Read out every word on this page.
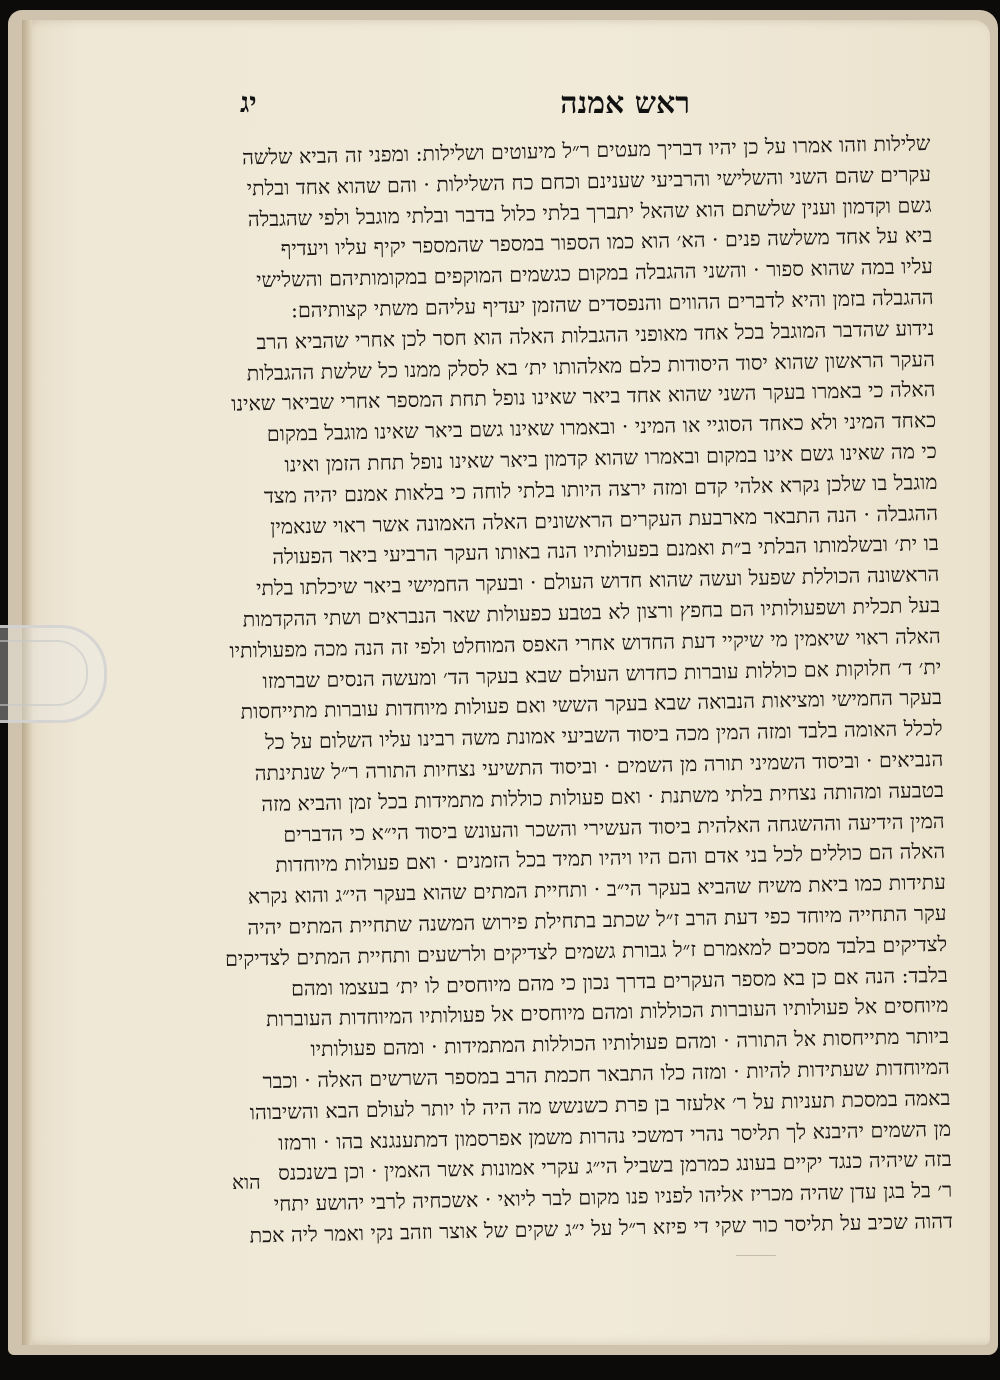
ראש אמנה
יג
שלילות וזהו אמרו על כן יהיו דבריך מעטים ר״ל מיעוטים ושלילות: ומפני זה הביא שלשה
עקרים שהם השני והשלישי והרביעי שענינם וכחם כח השלילות · והם שהוא אחד ובלתי
גשם וקדמון וענין שלשתם הוא שהאל יתברך בלתי כלול בדבר ובלתי מוגבל ולפי שהגבלה
ביא על אחד משלשה פנים · הא׳ הוא כמו הספור במספר שהמספר יקיף עליו ויעדיף
עליו במה שהוא ספור · והשני ההגבלה במקום כגשמים המוקפים במקומותיהם והשלישי
ההגבלה בזמן והיא לדברים ההווים והנפסדים שהזמן יעדיף עליהם משתי קצותיהם:
נידוע שהדבר המוגבל בכל אחד מאופני ההגבלות האלה הוא חסר לכן אחרי שהביא הרב
העקר הראשון שהוא יסוד היסודות כלם מאלהותו ית׳ בא לסלק ממנו כל שלשת ההגבלות
האלה כי באמרו בעקר השני שהוא אחד ביאר שאינו נופל תחת המספר אחרי שביאר שאינו
כאחד המיני ולא כאחד הסוגיי או המיני · ובאמרו שאינו גשם ביאר שאינו מוגבל במקום
כי מה שאינו גשם אינו במקום ובאמרו שהוא קדמון ביאר שאינו נופל תחת הזמן ואינו
מוגבל בו שלכן נקרא אלהי קדם ומזה ירצה היותו בלתי לוחה כי בלאות אמנם יהיה מצד
ההגבלה · הנה התבאר מארבעת העקרים הראשונים האלה האמונה אשר ראוי שנאמין
בו ית׳ ובשלמותו הבלתי ב״ת ואמנם בפעולותיו הנה באותו העקר הרביעי ביאר הפעולה
הראשונה הכוללת שפעל ועשה שהוא חדוש העולם · ובעקר החמישי ביאר שיכלתו בלתי
בעל תכלית ושפעולותיו הם בחפץ ורצון לא בטבע כפעולות שאר הנבראים ושתי ההקדמות
האלה ראוי שיאמין מי שיקיי דעת החדוש אחרי האפס המוחלט ולפי זה הנה מכה מפעולותיו
ית׳ ד׳ חלוקות אם כוללות עוברות כחדוש העולם שבא בעקר הד׳ ומעשה הנסים שברמזו
בעקר החמישי ומציאות הנבואה שבא בעקר הששי ואם פעולות מיוחדות עוברות מתייחסות
לכלל האומה בלבד ומזה המין מכה ביסוד השביעי אמונת משה רבינו עליו השלום על כל
הנביאים · וביסוד השמיני תורה מן השמים · וביסוד התשיעי נצחיות התורה ר״ל שנתינתה
בטבעה ומהותה נצחית בלתי משתנת · ואם פעולות כוללות מתמידות בכל זמן והביא מזה
המין הידיעה וההשגחה האלהית ביסוד העשירי והשכר והעונש ביסוד הי״א כי הדברים
האלה הם כוללים לכל בני אדם והם היו ויהיו תמיד בכל הזמנים · ואם פעולות מיוחדות
עתידות כמו ביאת משיח שהביא בעקר הי״ב · ותחיית המתים שהוא בעקר הי״ג והוא נקרא
עקר התחייה מיוחד כפי דעת הרב ז״ל שכתב בתחילת פירוש המשנה שתחיית המתים יהיה
לצדיקים בלבד מסכים למאמרם ז״ל גבורת גשמים לצדיקים ולרשעים ותחיית המתים לצדיקים
בלבד: הנה אם כן בא מספר העקרים בדרך נכון כי מהם מיוחסים לו ית׳ בעצמו ומהם
מיוחסים אל פעולותיו העוברות הכוללות ומהם מיוחסים אל פעולותיו המיוחדות העוברות
ביותר מתייחסות אל התורה · ומהם פעולותיו הכוללות המתמידות · ומהם פעולותיו
המיוחדות שעתידות להיות · ומזה כלו התבאר חכמת הרב במספר השרשים האלה · וכבר
באמה במסכת תעניות על ר׳ אלעזר בן פרת כשנשש מה היה לו יותר לעולם הבא והשיבוהו
מן השמים יהיבנא לך תליסר נהרי דמשכי נהרות משמן אפרסמון דמתענגנא בהו · ורמזו
בזה שיהיה כנגד יקיים בעונג כמרמן בשביל הי״ג עקרי אמונות אשר האמין · וכן בשנכנס
ר׳ בל בגן עדן שהיה מכריז אליהו לפניו פנו מקום לבר ליואי · אשכחיה לרבי יהושע יתחי
דהוה שכיב על תליסר כור שקי די פיזא ר״ל על י״ג שקים של אוצר וזהב נקי ואמר ליה אכת
הוא
